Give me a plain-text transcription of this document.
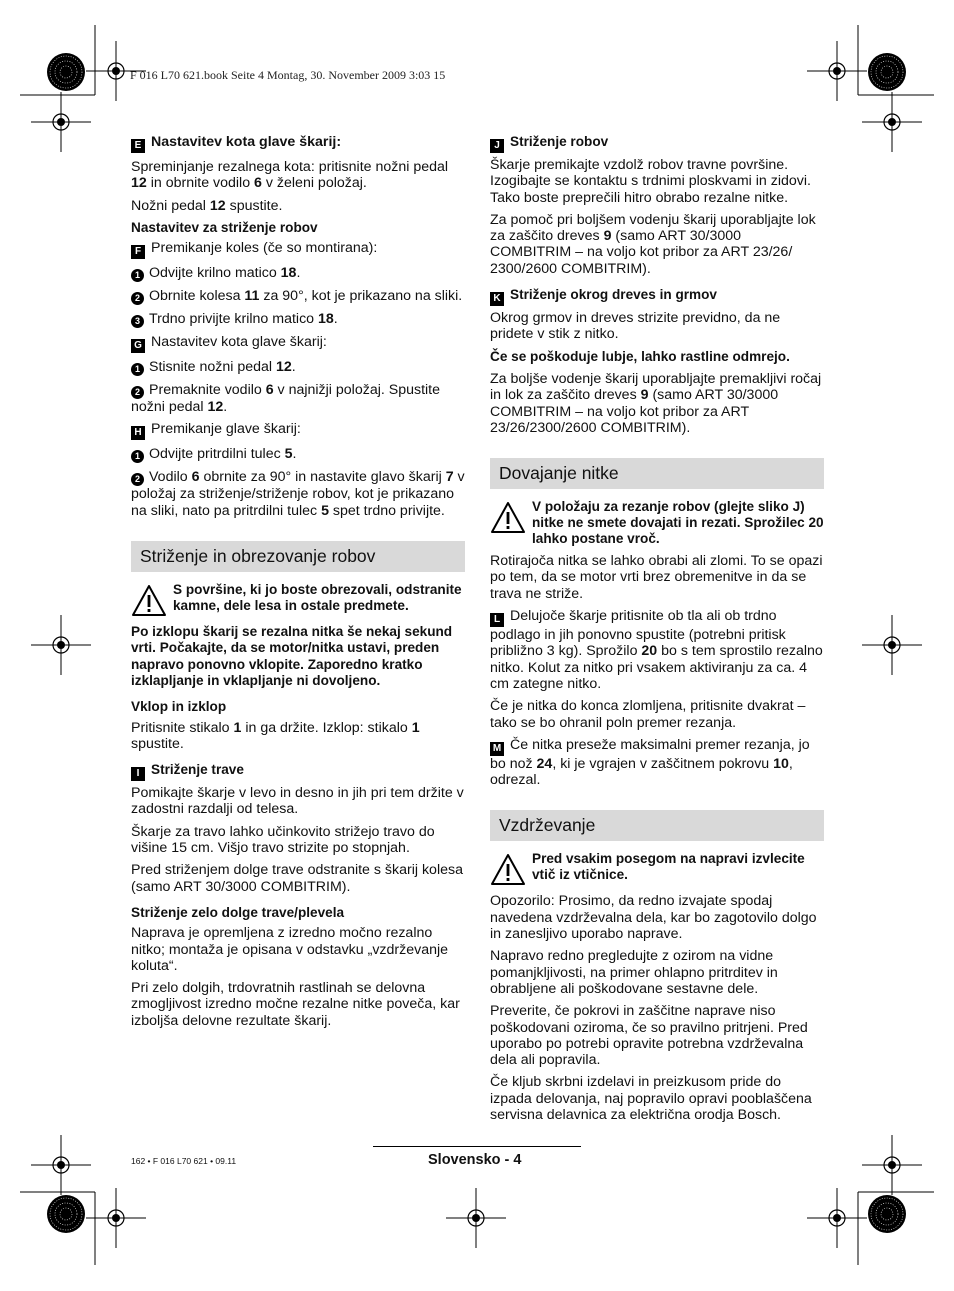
F 016 L70 621.book Seite 4 Montag, 30. November 2009 3:03 15

E Nastavitev kota glave škarij:

Spreminjanje rezalnega kota: pritisnite nožni pedal 12 in obrnite vodilo 6 v želeni položaj.

Nožni pedal 12 spustite.

Nastavitev za striženje robov

F Premikanje koles (če so montirana):

1 Odvijte krilno matico 18.

2 Obrnite kolesa 11 za 90°, kot je prikazano na sliki.

3 Trdno privijte krilno matico 18.

G Nastavitev kota glave škarij:

1 Stisnite nožni pedal 12.

2 Premaknite vodilo 6 v najnižji položaj. Spustite nožni pedal 12.

H Premikanje glave škarij:

1 Odvijte pritrdilni tulec 5.

2 Vodilo 6 obrnite za 90° in nastavite glavo škarij 7 v položaj za striženje/striženje robov, kot je prikazano na sliki, nato pa pritrdilni tulec 5 spet trdno privijte.

Striženje in obrezovanje robov
S površine, ki jo boste obrezovali, odstranite kamne, dele lesa in ostale predmete.

Po izklopu škarij se rezalna nitka še nekaj sekund vrti. Počakajte, da se motor/nitka ustavi, preden napravo ponovno vklopite. Zaporedno kratko izklapljanje in vklapljanje ni dovoljeno.

Vklop in izklop

Pritisnite stikalo 1 in ga držite. Izklop: stikalo 1 spustite.

I Striženje trave

Pomikajte škarje v levo in desno in jih pri tem držite v zadostni razdalji od telesa.

Škarje za travo lahko učinkovito strižejo travo do višine 15 cm. Višjo travo strizite po stopnjah.

Pred striženjem dolge trave odstranite s škarij kolesa (samo ART 30/3000 COMBITRIM).

Striženje zelo dolge trave/plevela

Naprava je opremljena z izredno močno rezalno nitko; montaža je opisana v odstavku „vzdrževanje koluta“.

Pri zelo dolgih, trdovratnih rastlinah se delovna zmogljivost izredno močne rezalne nitke poveča, kar izboljša delovne rezultate škarij.

J Striženje robov

Škarje premikajte vzdolž robov travne površine. Izogibajte se kontaktu s trdnimi ploskvami in zidovi. Tako boste preprečili hitro obrabo rezalne nitke.

Za pomoč pri boljšem vodenju škarij uporabljajte lok za zaščito dreves 9 (samo ART 30/3000 COMBITRIM – na voljo kot pribor za ART 23/26/ 2300/2600 COMBITRIM).

K Striženje okrog dreves in grmov

Okrog grmov in dreves strizite previdno, da ne pridete v stik z nitko.

Če se poškoduje lubje, lahko rastline odmrejo.

Za boljše vodenje škarij uporabljajte premakljivi ročaj in lok za zaščito dreves 9 (samo ART 30/3000 COMBITRIM – na voljo kot pribor za ART 23/26/2300/2600 COMBITRIM).

Dovajanje nitke
V položaju za rezanje robov (glejte sliko J) nitke ne smete dovajati in rezati. Sprožilec 20 lahko postane vroč.

Rotirajoča nitka se lahko obrabi ali zlomi. To se opazi po tem, da se motor vrti brez obremenitve in da se trava ne striže.

L Delujoče škarje pritisnite ob tla ali ob trdno podlago in jih ponovno spustite (potrebni pritisk približno 3 kg). Sprožilo 20 bo s tem sprostilo rezalno nitko. Kolut za nitko pri vsakem aktiviranju za ca. 4 cm zategne nitko.

Če je nitka do konca zlomljena, pritisnite dvakrat – tako se bo ohranil poln premer rezanja.

M Če nitka preseže maksimalni premer rezanja, jo bo nož 24, ki je vgrajen v zaščitnem pokrovu 10, odrezal.

Vzdrževanje
Pred vsakim posegom na napravi izvlecite vtič iz vtičnice.

Opozorilo: Prosimo, da redno izvajate spodaj navedena vzdrževalna dela, kar bo zagotovilo dolgo in zanesljivo uporabo naprave.

Napravo redno pregledujte z ozirom na vidne pomanjkljivosti, na primer ohlapno pritrditev in obrabljene ali poškodovane sestavne dele.

Preverite, če pokrovi in zaščitne naprave niso poškodovani oziroma, če so pravilno pritrjeni. Pred uporabo po potrebi opravite potrebna vzdrževalna dela ali popravila.

Če kljub skrbni izdelavi in preizkusom pride do izpada delovanja, naj popravilo opravi pooblaščena servisna delavnica za električna orodja Bosch.

162 • F 016 L70 621 • 09.11	Slovensko - 4
